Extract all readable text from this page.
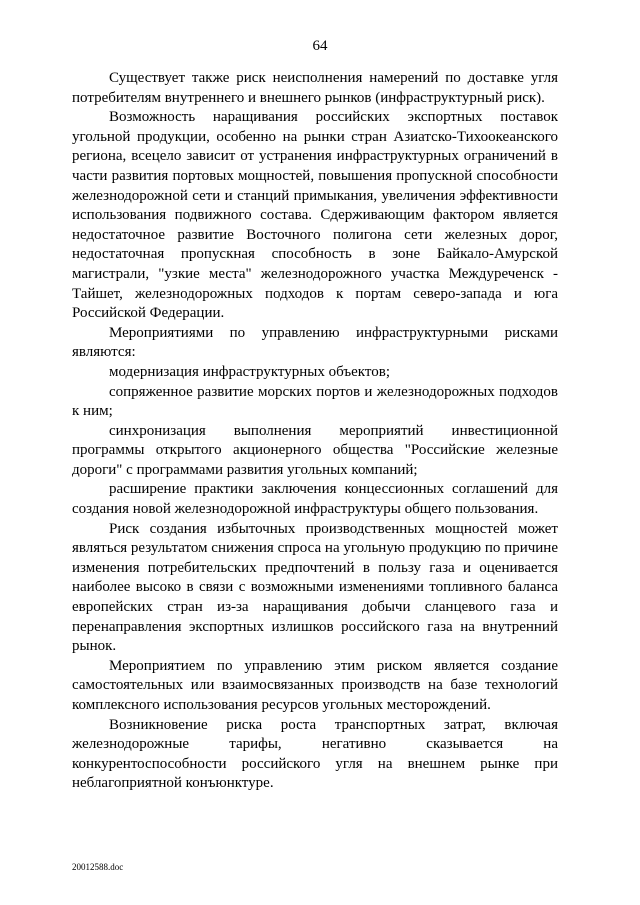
64

Существует также риск неисполнения намерений по доставке угля потребителям внутреннего и внешнего рынков (инфраструктурный риск).

Возможность наращивания российских экспортных поставок угольной продукции, особенно на рынки стран Азиатско-Тихоокеанского региона, всецело зависит от устранения инфраструктурных ограничений в части развития портовых мощностей, повышения пропускной способности железнодорожной сети и станций примыкания, увеличения эффективности использования подвижного состава. Сдерживающим фактором является недостаточное развитие Восточного полигона сети железных дорог, недостаточная пропускная способность в зоне Байкало-Амурской магистрали, "узкие места" железнодорожного участка Междуреченск - Тайшет, железнодорожных подходов к портам северо-запада и юга Российской Федерации.

Мероприятиями по управлению инфраструктурными рисками являются:

модернизация инфраструктурных объектов;

сопряженное развитие морских портов и железнодорожных подходов к ним;

синхронизация выполнения мероприятий инвестиционной программы открытого акционерного общества "Российские железные дороги" с программами развития угольных компаний;

расширение практики заключения концессионных соглашений для создания новой железнодорожной инфраструктуры общего пользования.

Риск создания избыточных производственных мощностей может являться результатом снижения спроса на угольную продукцию по причине изменения потребительских предпочтений в пользу газа и оценивается наиболее высоко в связи с возможными изменениями топливного баланса европейских стран из-за наращивания добычи сланцевого газа и перенаправления экспортных излишков российского газа на внутренний рынок.

Мероприятием по управлению этим риском является создание самостоятельных или взаимосвязанных производств на базе технологий комплексного использования ресурсов угольных месторождений.

Возникновение риска роста транспортных затрат, включая железнодорожные тарифы, негативно сказывается на конкурентоспособности российского угля на внешнем рынке при неблагоприятной конъюнктуре.

20012588.doc
